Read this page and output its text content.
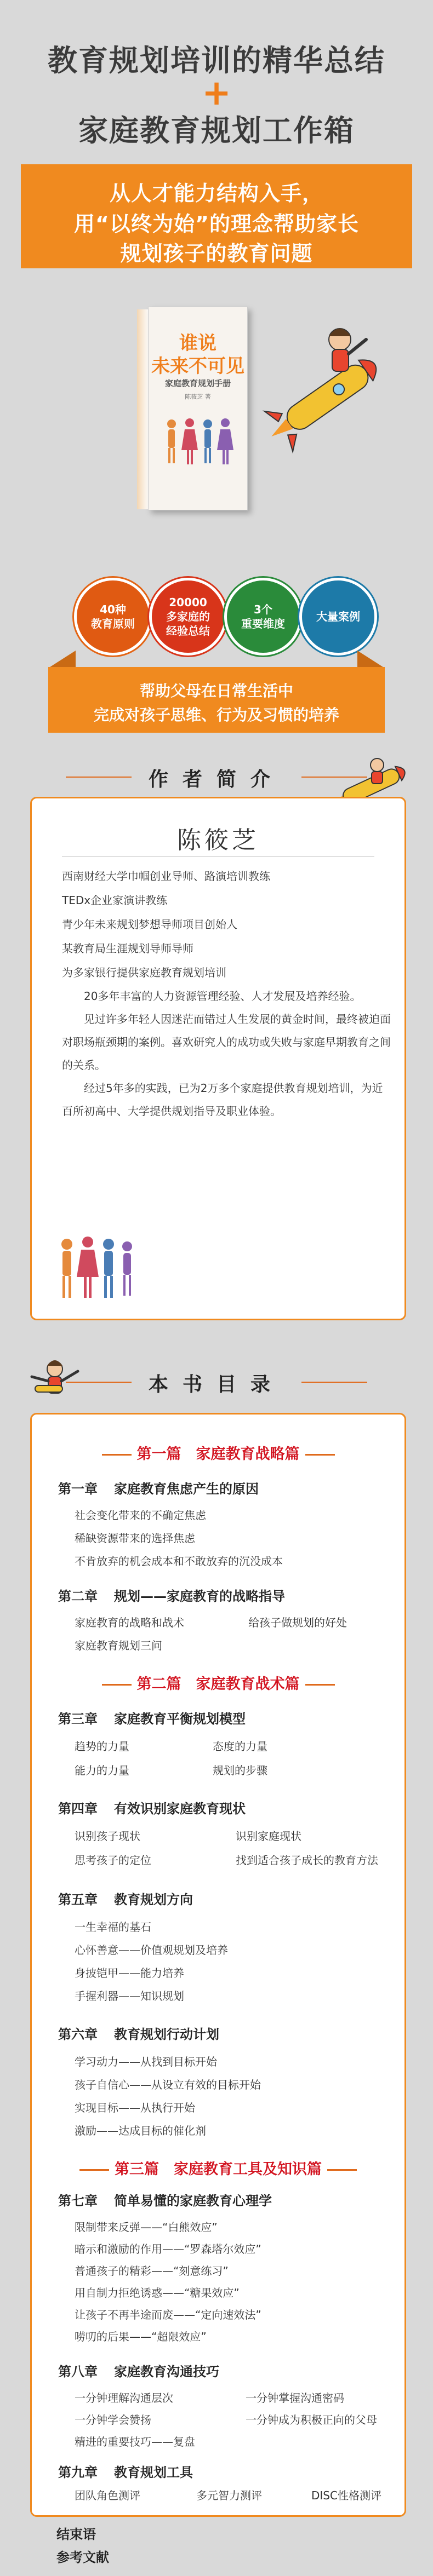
教育规划培训的精华总结
+
家庭教育规划工作箱
从人才能力结构入手，
用“以终为始”的理念帮助家长
规划孩子的教育问题
谁说
未来不可见
家庭教育规划手册
陈筱芝 著
40种
教育原则
20000
多家庭的
经验总结
3个
重要维度
大量案例
帮助父母在日常生活中
完成对孩子思维、行为及习惯的培养
作者简介
陈筱芝

西南财经大学巾帼创业导师、路演培训教练

TEDx企业家演讲教练

青少年未来规划梦想导师项目创始人

某教育局生涯规划导师导师

为多家银行提供家庭教育规划培训

20多年丰富的人力资源管理经验、人才发展及培养经验。

见过许多年轻人因迷茫而错过人生发展的黄金时间，最终被迫面对职场瓶颈期的案例。喜欢研究人的成功或失败与家庭早期教育之间的关系。

经过5年多的实践，已为2万多个家庭提供教育规划培训，为近百所初高中、大学提供规划指导及职业体验。

本书目录
第一篇　家庭教育战略篇
第一章 家庭教育焦虑产生的原因
社会变化带来的不确定焦虑
稀缺资源带来的选择焦虑
不肯放弃的机会成本和不敢放弃的沉没成本
第二章 规划——家庭教育的战略指导
家庭教育的战略和战术	给孩子做规划的好处
家庭教育规划三问
第二篇　家庭教育战术篇
第三章 家庭教育平衡规划模型
趋势的力量	态度的力量
能力的力量	规划的步骤
第四章 有效识别家庭教育现状
识别孩子现状	识别家庭现状
思考孩子的定位	找到适合孩子成长的教育方法
第五章 教育规划方向
一生幸福的基石
心怀善意——价值观规划及培养
身披铠甲——能力培养
手握利器——知识规划
第六章 教育规划行动计划
学习动力——从找到目标开始
孩子自信心——从设立有效的目标开始
实现目标——从执行开始
激励——达成目标的催化剂
第三篇　家庭教育工具及知识篇
第七章 简单易懂的家庭教育心理学
限制带来反弹——“白熊效应”
暗示和激励的作用——“罗森塔尔效应”
普通孩子的精彩——“刻意练习”
用自制力拒绝诱惑——“糖果效应”
让孩子不再半途而废——“定向速效法”
唠叨的后果——“超限效应”
第八章 家庭教育沟通技巧
一分钟理解沟通层次	一分钟掌握沟通密码
一分钟学会赞扬	一分钟成为积极正向的父母
精进的重要技巧——复盘
第九章 教育规划工具
团队角色测评	多元智力测评	DISC性格测评
结束语
参考文献
